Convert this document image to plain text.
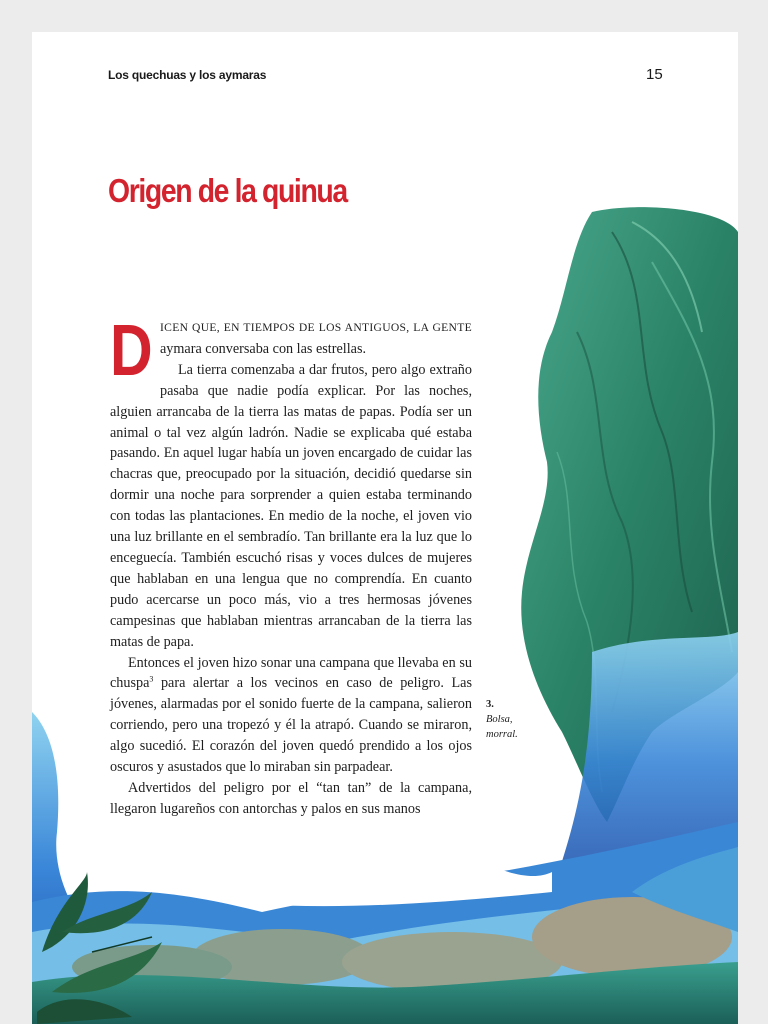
Los quechuas y los aymaras	15
Origen de la quinua

DICEN QUE, EN TIEMPOS DE LOS ANTIGUOS, LA GENTE aymara conversaba con las estrellas.

La tierra comenzaba a dar frutos, pero algo extraño pasaba que nadie podía explicar. Por las noches, alguien arrancaba de la tierra las matas de papas. Podía ser un animal o tal vez algún ladrón. Nadie se explicaba qué estaba pasando. En aquel lugar había un joven encargado de cuidar las chacras que, preocupado por la situación, decidió quedarse sin dormir una noche para sorprender a quien estaba terminando con todas las plantaciones. En medio de la noche, el joven vio una luz brillante en el sembradío. Tan brillante era la luz que lo enceguecía. También escuchó risas y voces dulces de mujeres que hablaban en una lengua que no comprendía. En cuanto pudo acercarse un poco más, vio a tres hermosas jóvenes campesinas que hablaban mientras arrancaban de la tierra las matas de papa.

Entonces el joven hizo sonar una campana que llevaba en su chuspa$^3$ para alertar a los vecinos en caso de peligro. Las jóvenes, alarmadas por el sonido fuerte de la campana, salieron corriendo, pero una tropezó y él la atrapó. Cuando se miraron, algo sucedió. El corazón del joven quedó prendido a los ojos oscuros y asustados que lo miraban sin parpadear.

Advertidos del peligro por el “tan tan” de la campana, llegaron lugareños con antorchas y palos en sus manos

3.
Bolsa, morral.
